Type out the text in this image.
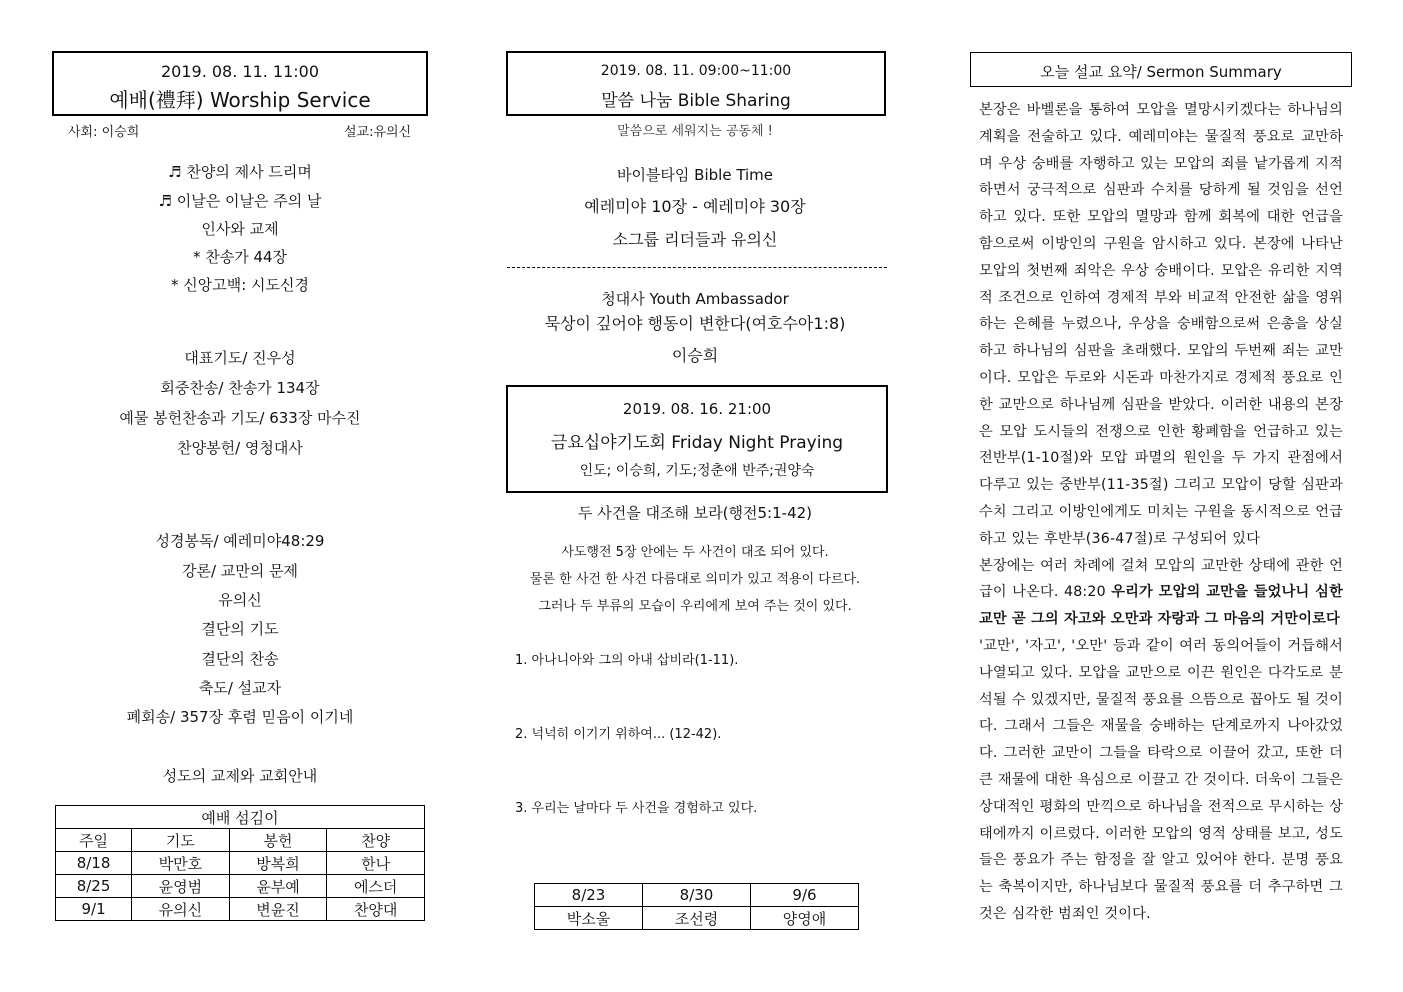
2019. 08. 11. 11:00
예배(禮拜) Worship Service
사회: 이승희	설교:유의신
♬ 찬양의 제사 드리며
♬ 이날은 이날은 주의 날
인사와 교제
* 찬송가 44장
* 신앙고백: 시도신경
대표기도/ 진우성
회중찬송/ 찬송가 134장
예물 봉헌찬송과 기도/ 633장 마수진
찬양봉헌/ 영청대사
성경봉독/ 예레미야48:29
강론/ 교만의 문제
유의신
결단의 기도
결단의 찬송
축도/ 설교자
폐회송/ 357장 후렴 믿음이 이기네
성도의 교제와 교회안내
예배 섬김이			
주일	기도	봉헌	찬양
8/18	박만호	방복희	한나
8/25	윤영범	윤부예	에스더
9/1	유의신	변윤진	찬양대
2019. 08. 11. 09:00~11:00
말씀 나눔 Bible Sharing
말씀으로 세워지는 공동체 !
바이블타임 Bible Time
예레미야 10장 - 예레미야 30장
소그룹 리더들과 유의신
청대사 Youth Ambassador
묵상이 깊어야 행동이 변한다(여호수아1:8)
이승희
2019. 08. 16. 21:00
금요십야기도회 Friday Night Praying
인도; 이승희, 기도;정춘애 반주;권양숙
두 사건을 대조해 보라(행전5:1-42)
사도행전 5장 안에는 두 사건이 대조 되어 있다.
물론 한 사건 한 사건 다름대로 의미가 있고 적용이 다르다.
그러나 두 부류의 모습이 우리에게 보여 주는 것이 있다.
1. 아나니아와 그의 아내 삽비라(1-11).
2. 넉넉히 이기기 위하여... (12-42).
3. 우리는 날마다 두 사건을 경험하고 있다.
8/23	8/30	9/6
박소울	조선령	양영애
오늘 설교 요약/ Sermon Summary

본장은 바벨론을 통하여 모압을 멸망시키겠다는 하나님의 계획을 전술하고 있다. 예레미야는 물질적 풍요로 교만하며 우상 숭배를 자행하고 있는 모압의 죄를 낱가롭게 지적하면서 궁극적으로 심판과 수치를 당하게 될 것임을 선언하고 있다. 또한 모압의 멸망과 함께 회복에 대한 언급을 함으로써 이방인의 구원을 암시하고 있다. 본장에 나타난 모압의 첫번째 죄악은 우상 숭배이다. 모압은 유리한 지역적 조건으로 인하여 경제적 부와 비교적 안전한 삶을 영위하는 은혜를 누렸으나, 우상을 숭배함으로써 은총을 상실하고 하나님의 심판을 초래했다. 모압의 두번째 죄는 교만이다. 모압은 두로와 시돈과 마찬가지로 경제적 풍요로 인한 교만으로 하나님께 심판을 받았다. 이러한 내용의 본장은 모압 도시들의 전쟁으로 인한 황폐함을 언급하고 있는 전반부(1-10절)와 모압 파멸의 원인을 두 가지 관점에서 다루고 있는 중반부(11-35절) 그리고 모압이 당할 심판과 수치 그리고 이방인에게도 미치는 구원을 동시적으로 언급하고 있는 후반부(36-47절)로 구성되어 있다

본장에는 여러 차례에 걸쳐 모압의 교만한 상태에 관한 언급이 나온다. 48:20 우리가 모압의 교만을 들었나니 심한 교만 곧 그의 자고와 오만과 자랑과 그 마음의 거만이로다

'교만', '자고', '오만' 등과 같이 여러 동의어들이 거듭해서 나열되고 있다. 모압을 교만으로 이끈 원인은 다각도로 분석될 수 있겠지만, 물질적 풍요를 으뜸으로 꼽아도 될 것이다. 그래서 그들은 재물을 숭배하는 단계로까지 나아갔었다. 그러한 교만이 그들을 타락으로 이끌어 갔고, 또한 더 큰 재물에 대한 욕심으로 이끌고 간 것이다. 더욱이 그들은 상대적인 평화의 만끽으로 하나님을 전적으로 무시하는 상태에까지 이르렀다. 이러한 모압의 영적 상태를 보고, 성도들은 풍요가 주는 함정을 잘 알고 있어야 한다. 분명 풍요는 축복이지만, 하나님보다 물질적 풍요를 더 추구하면 그것은 심각한 범죄인 것이다.
